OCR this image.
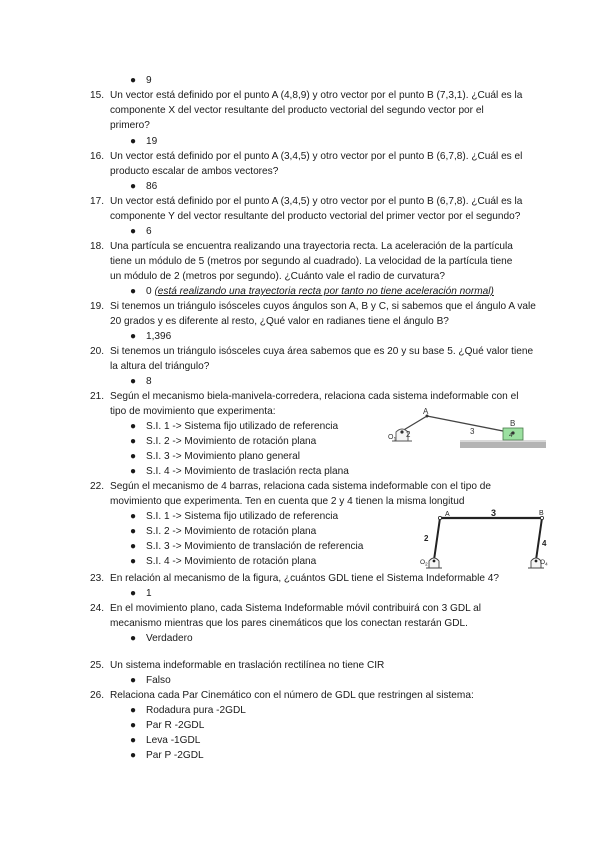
● 9
15. Un vector está definido por el punto A (4,8,9) y otro vector por el punto B (7,3,1). ¿Cuál es la
componente X del vector resultante del producto vectorial del segundo vector por el
primero?
● 19
16. Un vector está definido por el punto A (3,4,5) y otro vector por el punto B (6,7,8). ¿Cuál es el
producto escalar de ambos vectores?
● 86
17. Un vector está definido por el punto A (3,4,5) y otro vector por el punto B (6,7,8). ¿Cuál es la
componente Y del vector resultante del producto vectorial del primer vector por el segundo?
● 6
18. Una partícula se encuentra realizando una trayectoria recta. La aceleración de la partícula
tiene un módulo de 5 (metros por segundo al cuadrado). La velocidad de la partícula tiene
un módulo de 2 (metros por segundo). ¿Cuánto vale el radio de curvatura?
● 0 (está realizando una trayectoria recta por tanto no tiene aceleración normal)
19. Si tenemos un triángulo isósceles cuyos ángulos son A, B y C, si sabemos que el ángulo A vale
20 grados y es diferente al resto, ¿Qué valor en radianes tiene el ángulo B?
● 1,396
20. Si tenemos un triángulo isósceles cuya área sabemos que es 20 y su base 5. ¿Qué valor tiene
la altura del triángulo?
● 8
21. Según el mecanismo biela-manivela-corredera, relaciona cada sistema indeformable con el
tipo de movimiento que experimenta:
● S.I. 1 -> Sistema fijo utilizado de referencia
● S.I. 2 -> Movimiento de rotación plana
● S.I. 3 -> Movimiento plano general
● S.I. 4 -> Movimiento de traslación recta plana
A
B
2	3	4
$O_1$
22. Según el mecanismo de 4 barras, relaciona cada sistema indeformable con el tipo de
movimiento que experimenta. Ten en cuenta que 2 y 4 tienen la misma longitud
● S.I. 1 -> Sistema fijo utilizado de referencia
● S.I. 2 -> Movimiento de rotación plana
● S.I. 3 -> Movimiento de translación de referencia
● S.I. 4 -> Movimiento de rotación plana
A	B
3
2
4
$O_2$	$O_4$
23. En relación al mecanismo de la figura, ¿cuántos GDL tiene el Sistema Indeformable 4?
● 1
24. En el movimiento plano, cada Sistema Indeformable móvil contribuirá con 3 GDL al
mecanismo mientras que los pares cinemáticos que los conectan restarán GDL.
● Verdadero
25. Un sistema indeformable en traslación rectilínea no tiene CIR
● Falso
26. Relaciona cada Par Cinemático con el número de GDL que restringen al sistema:
● Rodadura pura -2GDL
● Par R -2GDL
● Leva -1GDL
● Par P -2GDL
